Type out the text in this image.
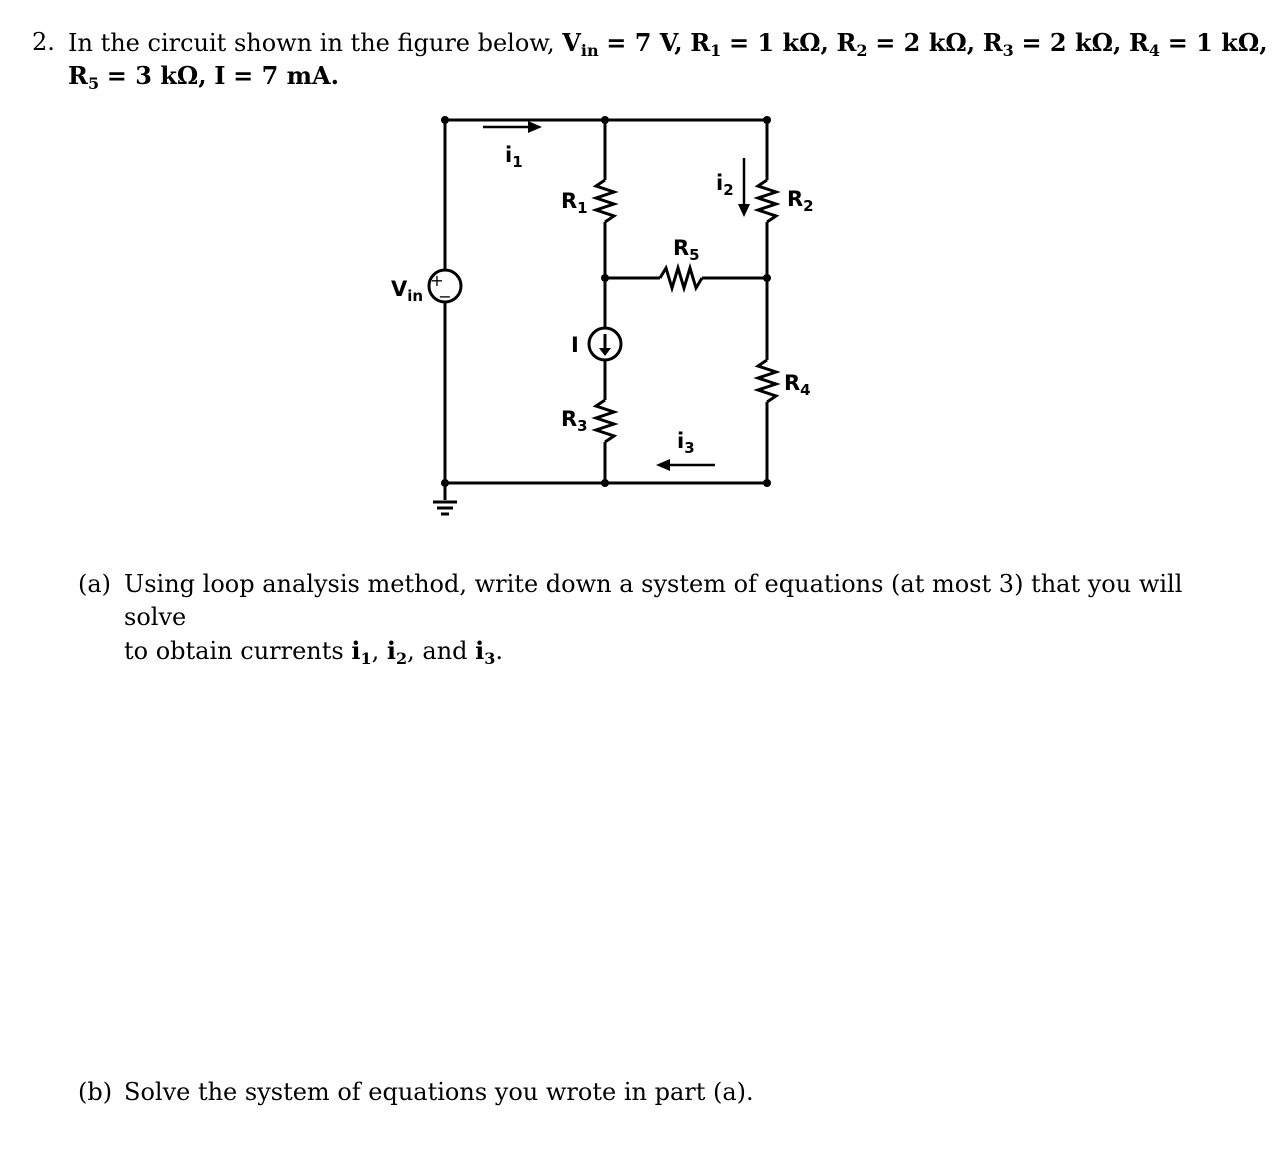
2. In the circuit shown in the figure below, $V_{in} = 7$ V, $R_1 = 1$ kΩ, $R_2 = 2$ kΩ, $R_3 = 2$ kΩ, $R_4 = 1$ kΩ,
$R_5 = 3$ kΩ, I = 7 mA.
+
−
$V_{in}$
$i_1$
$i_2$
$i_3$
$R_1$	$R_2$
$R_3$
$R_4$
$R_5$
I
(a) Using loop analysis method, write down a system of equations (at most 3) that you will solve
to obtain currents $i_1$, $i_2$, and $i_3$.
(b) Solve the system of equations you wrote in part (a).
